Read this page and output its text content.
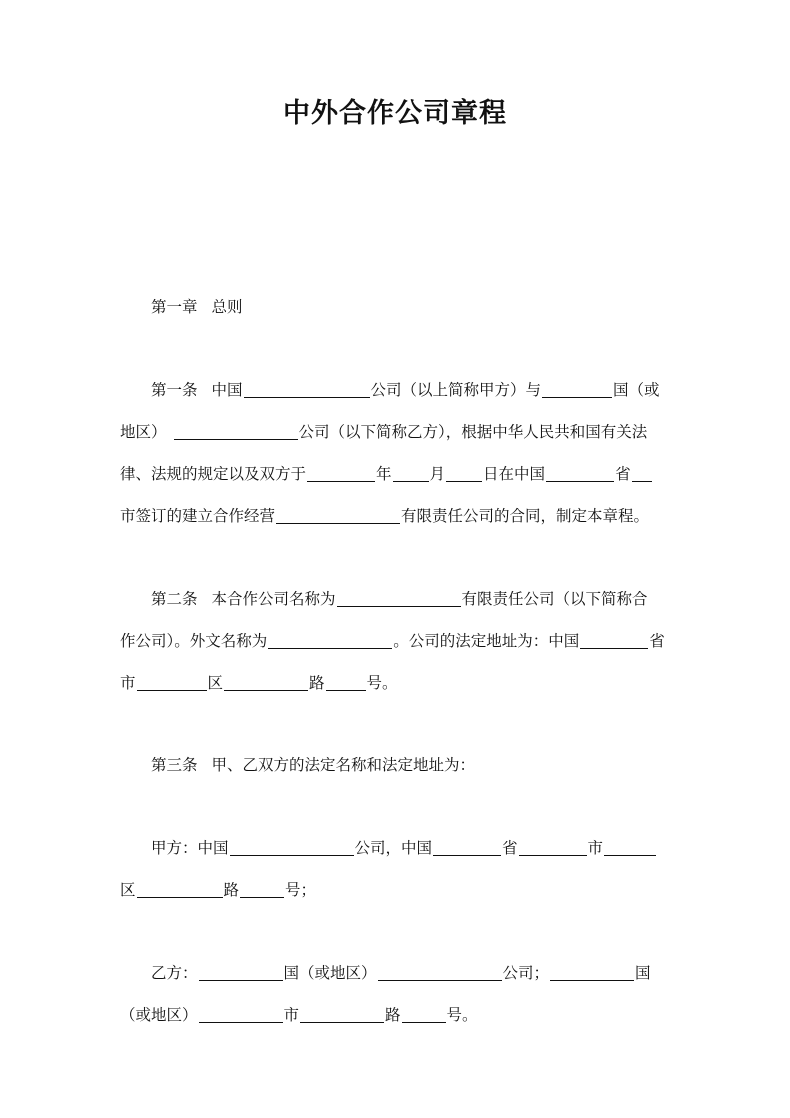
中外合作公司章程
第一章 总则
第一条 中国	公司（以上简称甲方）与	国（或
地区）	公司（以下简称乙方），根据中华人民共和国有关法
律、法规的规定以及双方于	年 月 日在中国	省
市签订的建立合作经营	有限责任公司的合同，制定本章程。
第二条 本合作公司名称为	有限责任公司（以下简称合
作公司）。外文名称为	。公司的法定地址为：中国	省
市	区	路	号。
第三条 甲、乙双方的法定名称和法定地址为：
甲方：中国	公司，中国	省	市
区	路	号；
乙方：	国（或地区）	公司；	国
（或地区）	市	路	号。
